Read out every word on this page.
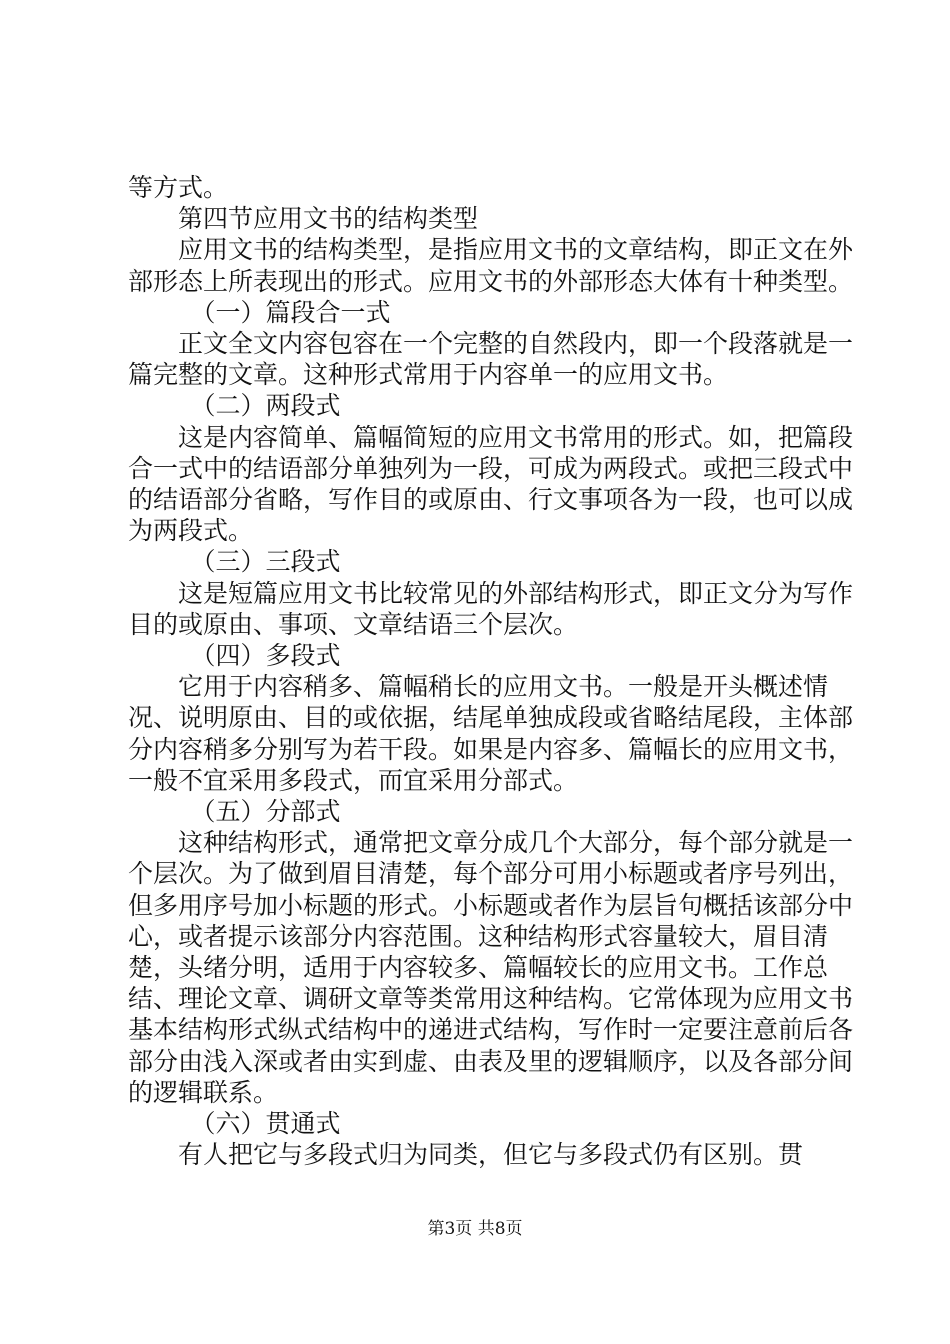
等方式。

第四节应用文书的结构类型

应用文书的结构类型，是指应用文书的文章结构，即正文在外部形态上所表现出的形式。应用文书的外部形态大体有十种类型。

（一）篇段合一式

正文全文内容包容在一个完整的自然段内，即一个段落就是一篇完整的文章。这种形式常用于内容单一的应用文书。

（二）两段式

这是内容简单、篇幅简短的应用文书常用的形式。如，把篇段合一式中的结语部分单独列为一段，可成为两段式。或把三段式中的结语部分省略，写作目的或原由、行文事项各为一段，也可以成为两段式。

（三）三段式

这是短篇应用文书比较常见的外部结构形式，即正文分为写作目的或原由、事项、文章结语三个层次。

（四）多段式

它用于内容稍多、篇幅稍长的应用文书。一般是开头概述情况、说明原由、目的或依据，结尾单独成段或省略结尾段，主体部分内容稍多分别写为若干段。如果是内容多、篇幅长的应用文书，一般不宜采用多段式，而宜采用分部式。

（五）分部式

这种结构形式，通常把文章分成几个大部分，每个部分就是一个层次。为了做到眉目清楚，每个部分可用小标题或者序号列出，但多用序号加小标题的形式。小标题或者作为层旨句概括该部分中心，或者提示该部分内容范围。这种结构形式容量较大，眉目清楚，头绪分明，适用于内容较多、篇幅较长的应用文书。工作总结、理论文章、调研文章等类常用这种结构。它常体现为应用文书基本结构形式纵式结构中的递进式结构，写作时一定要注意前后各部分由浅入深或者由实到虚、由表及里的逻辑顺序，以及各部分间的逻辑联系。

（六）贯通式

有人把它与多段式归为同类，但它与多段式仍有区别。贯

第3页 共8页
